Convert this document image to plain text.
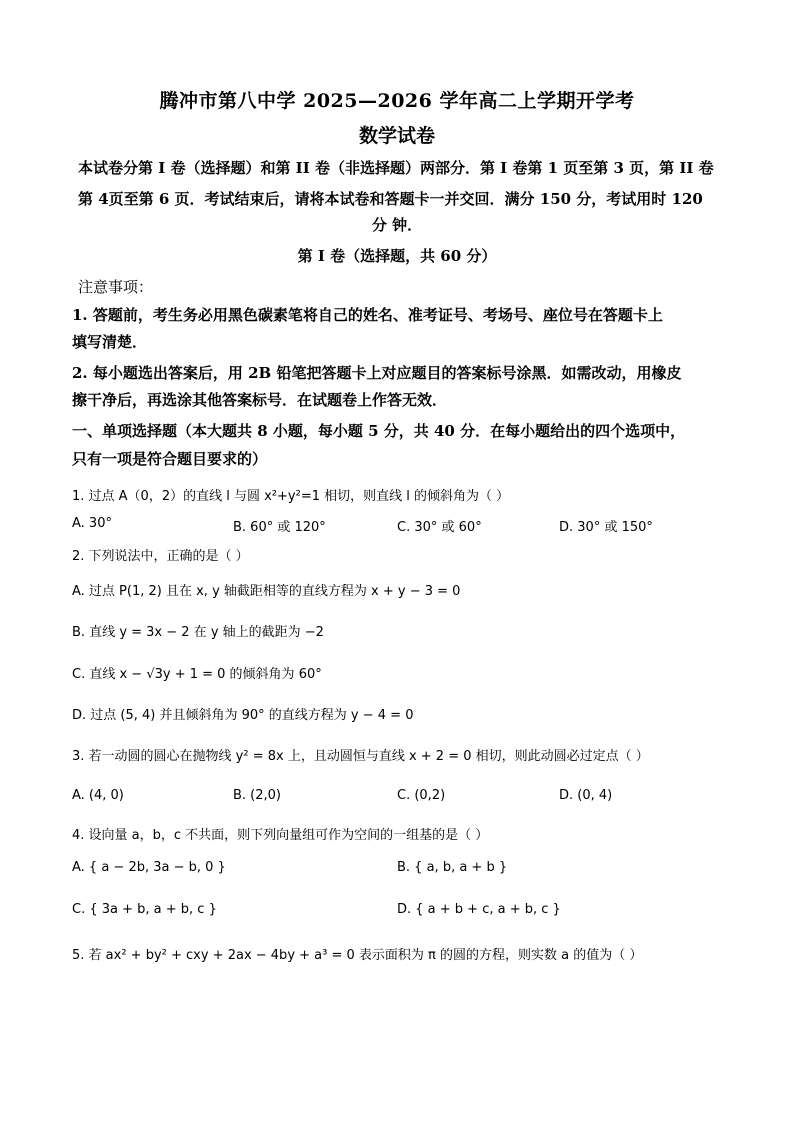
腾冲市第八中学 2025—2026 学年高二上学期开学考
数学试卷
本试卷分第 I 卷（选择题）和第 II 卷（非选择题）两部分．第 I 卷第 1 页至第 3 页，第 II 卷
第 4页至第 6 页．考试结束后，请将本试卷和答题卡一并交回．满分 150 分，考试用时 120
分 钟．
第 I 卷（选择题，共 60 分）
注意事项：
1. 答题前，考生务必用黑色碳素笔将自己的姓名、准考证号、考场号、座位号在答题卡上
填写清楚．
2. 每小题选出答案后，用 2B 铅笔把答题卡上对应题目的答案标号涂黑．如需改动，用橡皮
擦干净后，再选涂其他答案标号．在试题卷上作答无效．
一、单项选择题（本大题共 8 小题，每小题 5 分，共 40 分．在每小题给出的四个选项中，
只有一项是符合题目要求的）
1. 过点 A（0，2）的直线 l 与圆 x²+y²=1 相切，则直线 l 的倾斜角为（ ）
A. 30°	B. 60° 或 120°	C. 30° 或 60°	D. 30° 或 150°
2. 下列说法中，正确的是（ ）
A. 过点 P(1, 2) 且在 x, y 轴截距相等的直线方程为 x + y − 3 = 0
B. 直线 y = 3x − 2 在 y 轴上的截距为 −2
C. 直线 x − √3y + 1 = 0 的倾斜角为 60°
D. 过点 (5, 4) 并且倾斜角为 90° 的直线方程为 y − 4 = 0
3. 若一动圆的圆心在抛物线 y² = 8x 上，且动圆恒与直线 x + 2 = 0 相切，则此动圆必过定点（ ）
A. (4, 0)	B. (2,0)	C. (0,2)	D. (0, 4)
4. 设向量 a，b，c 不共面，则下列向量组可作为空间的一组基的是（ ）
A. { a − 2b, 3a − b, 0 }	B. { a, b, a + b }
C. { 3a + b, a + b, c }	D. { a + b + c, a + b, c }
5. 若 ax² + by² + cxy + 2ax − 4by + a³ = 0 表示面积为 π 的圆的方程，则实数 a 的值为（ ）
